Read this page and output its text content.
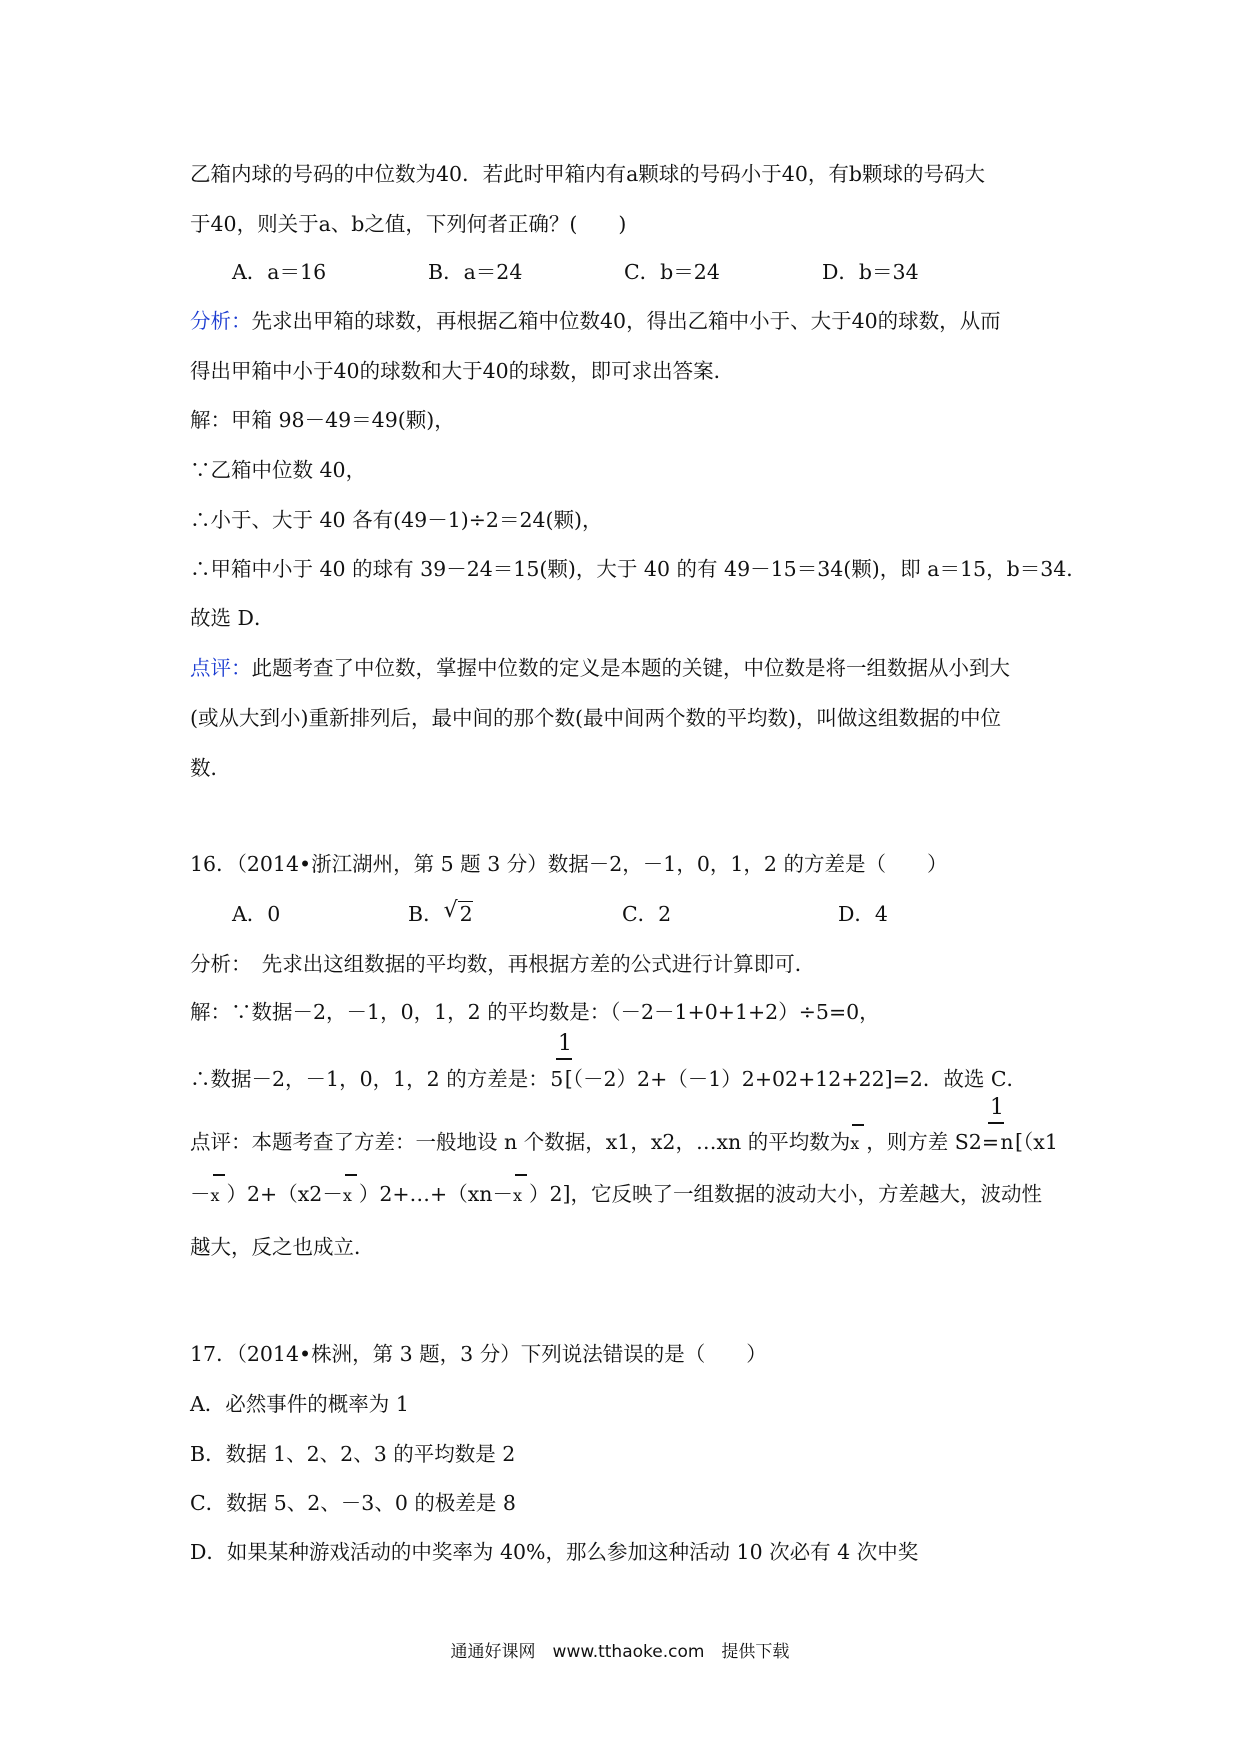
乙箱内球的号码的中位数为40．若此时甲箱内有a颗球的号码小于40，有b颗球的号码大
于40，则关于a、b之值，下列何者正确？(　　)
A．a＝16	B．a＝24	C．b＝24	D．b＝34
分析：先求出甲箱的球数，再根据乙箱中位数40，得出乙箱中小于、大于40的球数，从而
得出甲箱中小于40的球数和大于40的球数，即可求出答案．
解：甲箱 98－49＝49(颗)，
∵乙箱中位数 40，
∴小于、大于 40 各有(49－1)÷2＝24(颗)，
∴甲箱中小于 40 的球有 39－24＝15(颗)，大于 40 的有 49－15＝34(颗)，即 a＝15，b＝34．
故选 D．
点评：此题考查了中位数，掌握中位数的定义是本题的关键，中位数是将一组数据从小到大
(或从大到小)重新排列后，最中间的那个数(最中间两个数的平均数)，叫做这组数据的中位
数．
16．（2014•浙江湖州，第 5 题 3 分）数据－2，－1，0，1，2 的方差是（　　）
A．0	B． √ 2	C．2	D．4
分析：　先求出这组数据的平均数，再根据方差的公式进行计算即可．
解：∵数据－2，－1，0，1，2 的平均数是：（－2－1+0+1+2）÷5=0，
1
∴数据－2，－1，0，1，2 的方差是：5[（－2）2+（－1）2+02+12+22]=2．故选 C．
1
点评：本题考查了方差：一般地设 n 个数据，x1，x2，…xn 的平均数为
x ，则方差 S2=n[（x1
－
x ）2+（x2－
x ）2+…+（xn－
x ）2]，它反映了一组数据的波动大小，方差越大，波动性
越大，反之也成立．
17．（2014•株洲，第 3 题，3 分）下列说法错误的是（　　）
A．必然事件的概率为 1
B．数据 1、2、2、3 的平均数是 2
C．数据 5、2、－3、0 的极差是 8
D．如果某种游戏活动的中奖率为 40%，那么参加这种活动 10 次必有 4 次中奖
通通好课网　www.tthaoke.com　提供下载
